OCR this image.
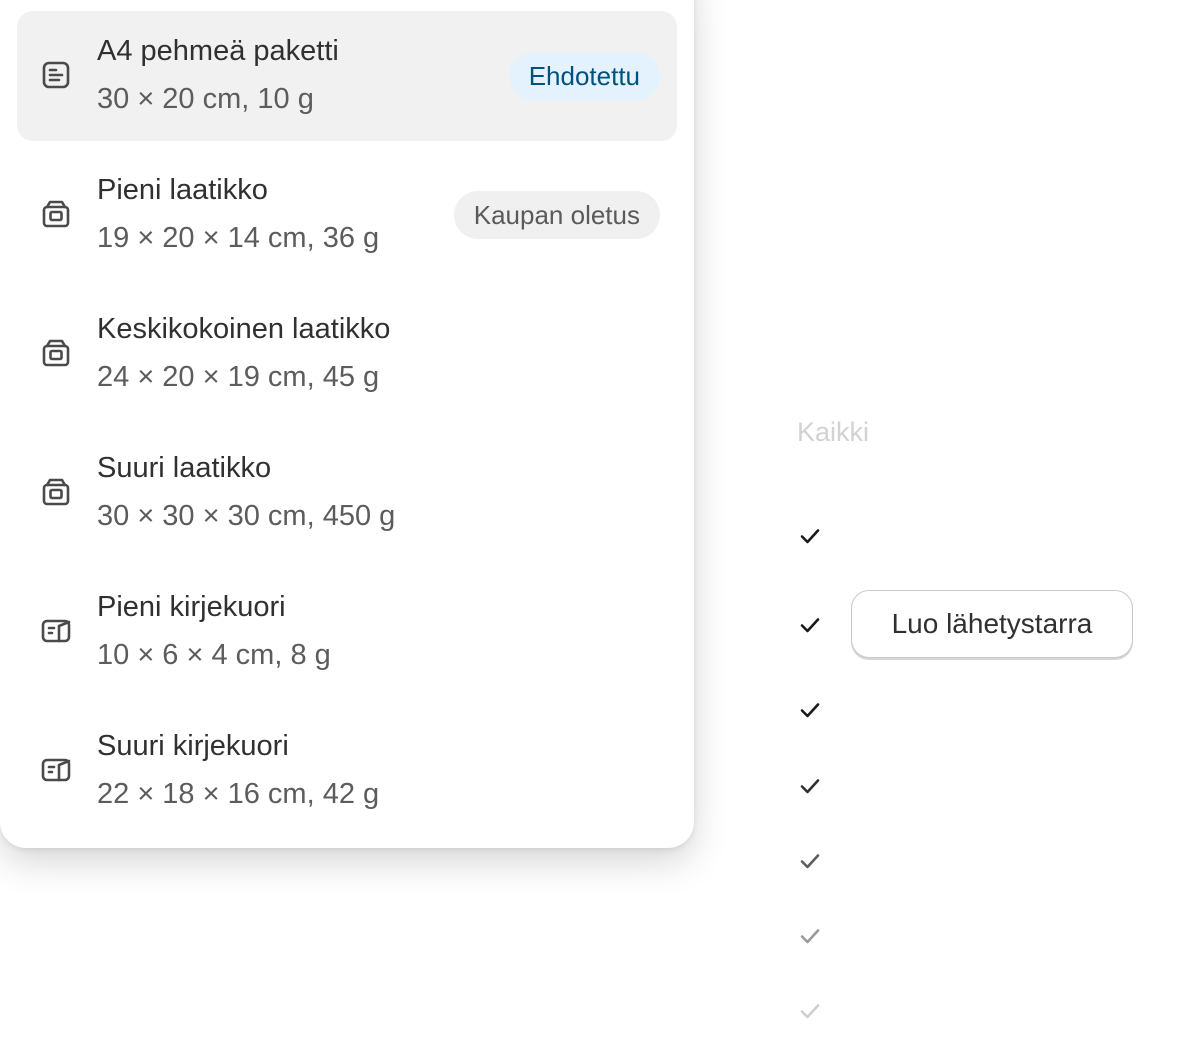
A4 pehmeä paketti
30 × 20 cm, 10 g
Ehdotettu
Pieni laatikko
19 × 20 × 14 cm, 36 g
Kaupan oletus
Keskikokoinen laatikko
24 × 20 × 19 cm, 45 g
Suuri laatikko
30 × 30 × 30 cm, 450 g
Pieni kirjekuori
10 × 6 × 4 cm, 8 g
Suuri kirjekuori
22 × 18 × 16 cm, 42 g
Kaikki
Luo lähetystarra
